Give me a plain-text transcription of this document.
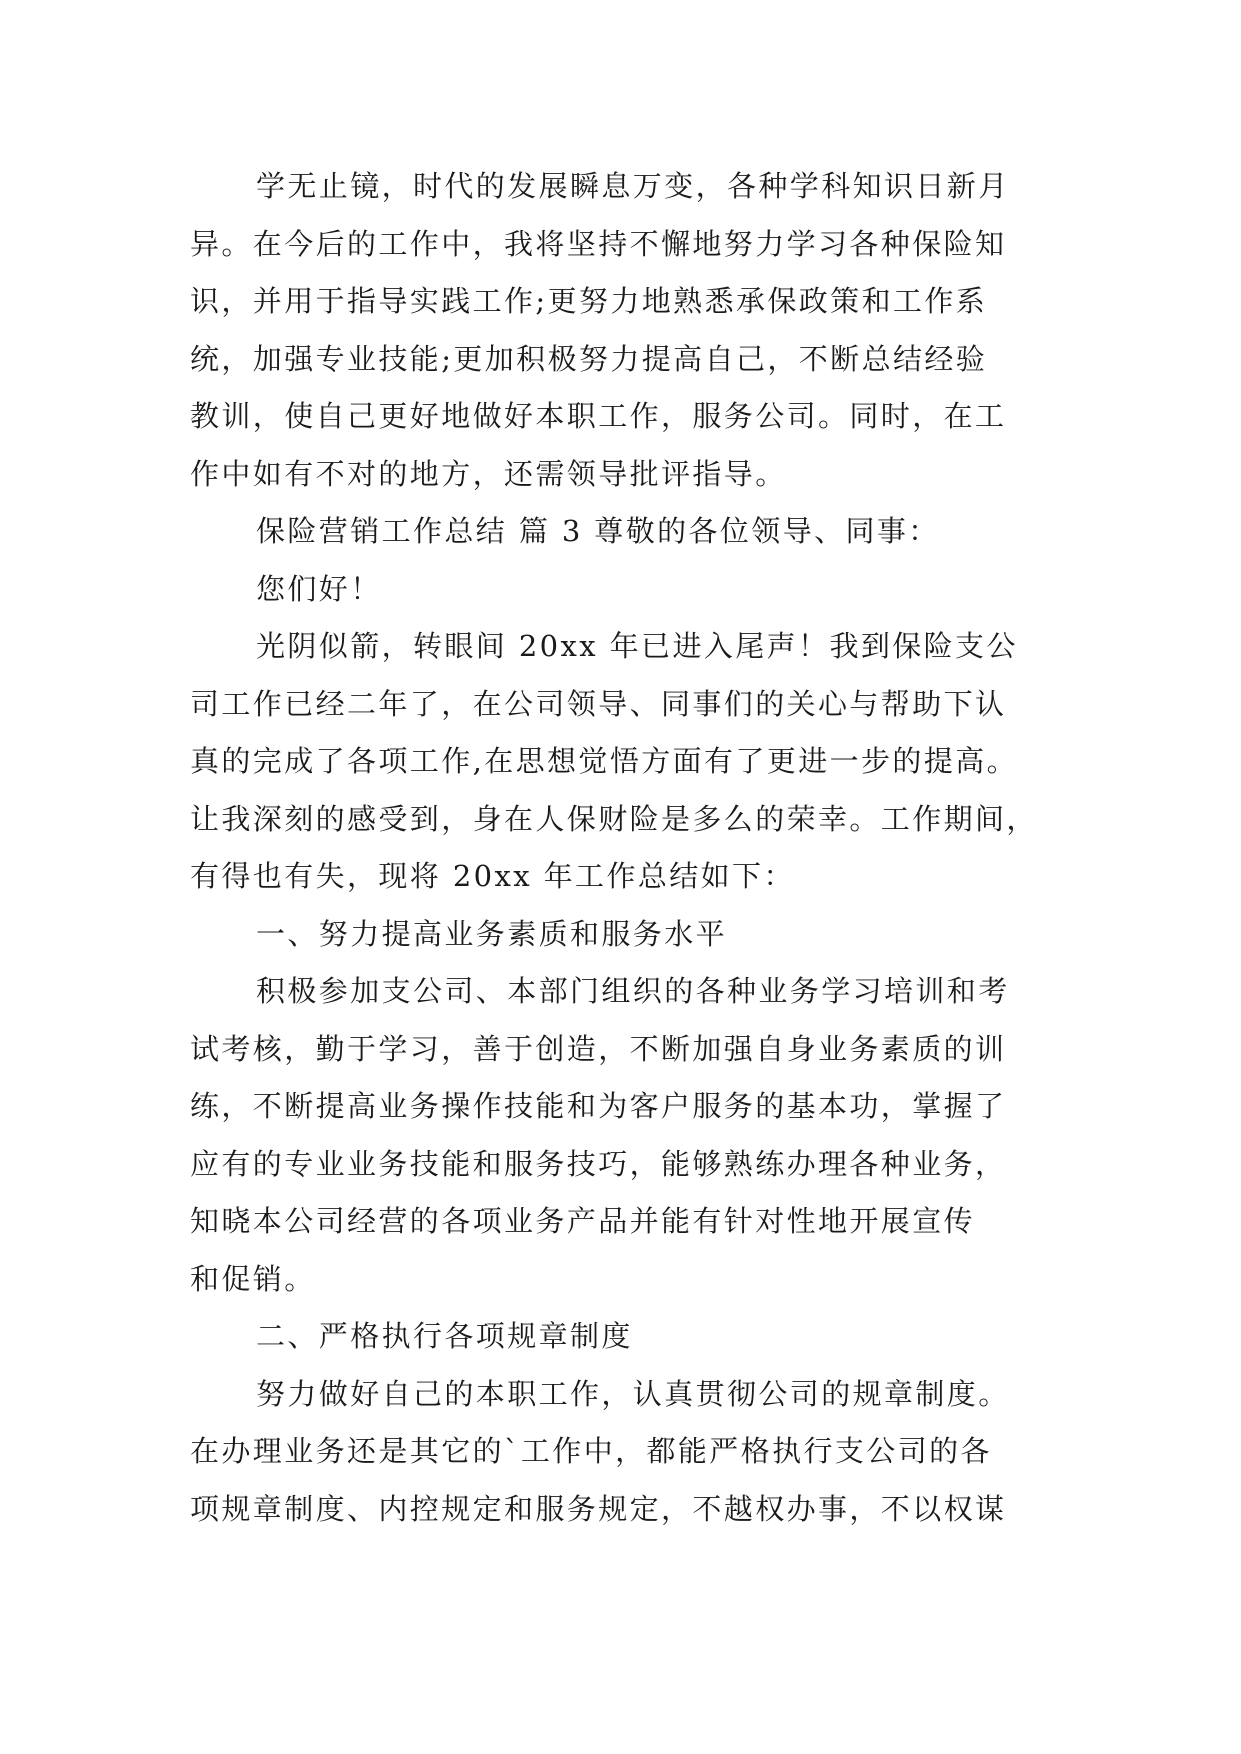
学无止镜，时代的发展瞬息万变，各种学科知识日新月
异。在今后的工作中，我将坚持不懈地努力学习各种保险知
识，并用于指导实践工作;更努力地熟悉承保政策和工作系
统，加强专业技能;更加积极努力提高自己，不断总结经验
教训，使自己更好地做好本职工作，服务公司。同时，在工
作中如有不对的地方，还需领导批评指导。

保险营销工作总结 篇 3 尊敬的各位领导、同事：

您们好！

光阴似箭，转眼间 20xx 年已进入尾声！我到保险支公
司工作已经二年了，在公司领导、同事们的关心与帮助下认
真的完成了各项工作,在思想觉悟方面有了更进一步的提高。
让我深刻的感受到，身在人保财险是多么的荣幸。工作期间，
有得也有失，现将 20xx 年工作总结如下：

一、努力提高业务素质和服务水平

积极参加支公司、本部门组织的各种业务学习培训和考
试考核，勤于学习，善于创造，不断加强自身业务素质的训
练，不断提高业务操作技能和为客户服务的基本功，掌握了
应有的专业业务技能和服务技巧，能够熟练办理各种业务，
知晓本公司经营的各项业务产品并能有针对性地开展宣传
和促销。

二、严格执行各项规章制度

努力做好自己的本职工作，认真贯彻公司的规章制度。
在办理业务还是其它的`工作中，都能严格执行支公司的各
项规章制度、内控规定和服务规定，不越权办事，不以权谋
